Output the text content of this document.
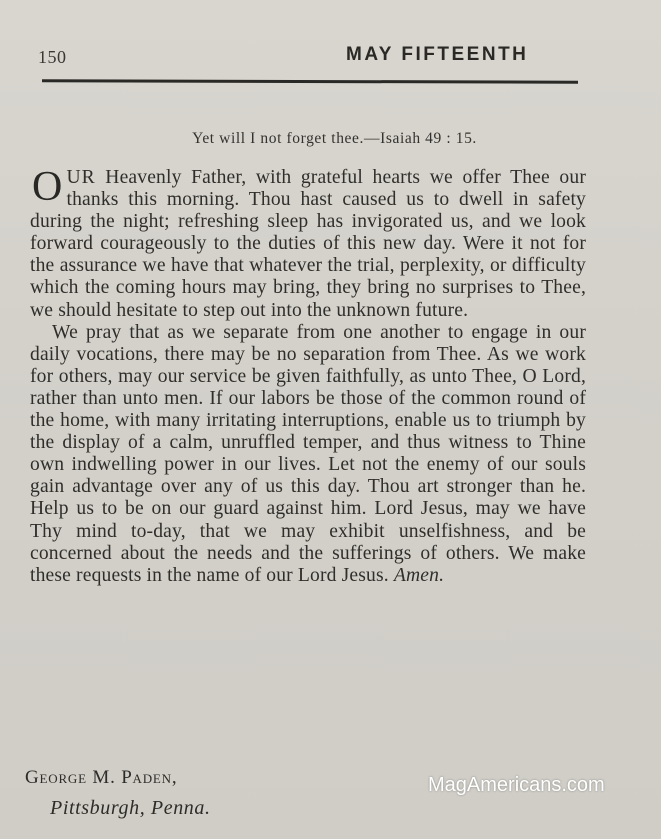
150	MAY FIFTEENTH
Yet will I not forget thee.—Isaiah 49 : 15.

OUR Heavenly Father, with grateful hearts we offer Thee our thanks this morning. Thou hast caused us to dwell in safety during the night; refreshing sleep has invigorated us, and we look forward courageously to the duties of this new day. Were it not for the assurance we have that whatever the trial, perplexity, or difficulty which the coming hours may bring, they bring no surprises to Thee, we should hesitate to step out into the unknown future.

We pray that as we separate from one another to engage in our daily vocations, there may be no separation from Thee. As we work for others, may our service be given faithfully, as unto Thee, O Lord, rather than unto men. If our labors be those of the common round of the home, with many irritating interruptions, enable us to triumph by the display of a calm, unruffled temper, and thus witness to Thine own indwelling power in our lives. Let not the enemy of our souls gain advantage over any of us this day. Thou art stronger than he. Help us to be on our guard against him. Lord Jesus, may we have Thy mind to-day, that we may exhibit unselfishness, and be concerned about the needs and the sufferings of others. We make these requests in the name of our Lord Jesus. Amen.

George M. Paden,
Pittsburgh, Penna.
MagAmericans.com
